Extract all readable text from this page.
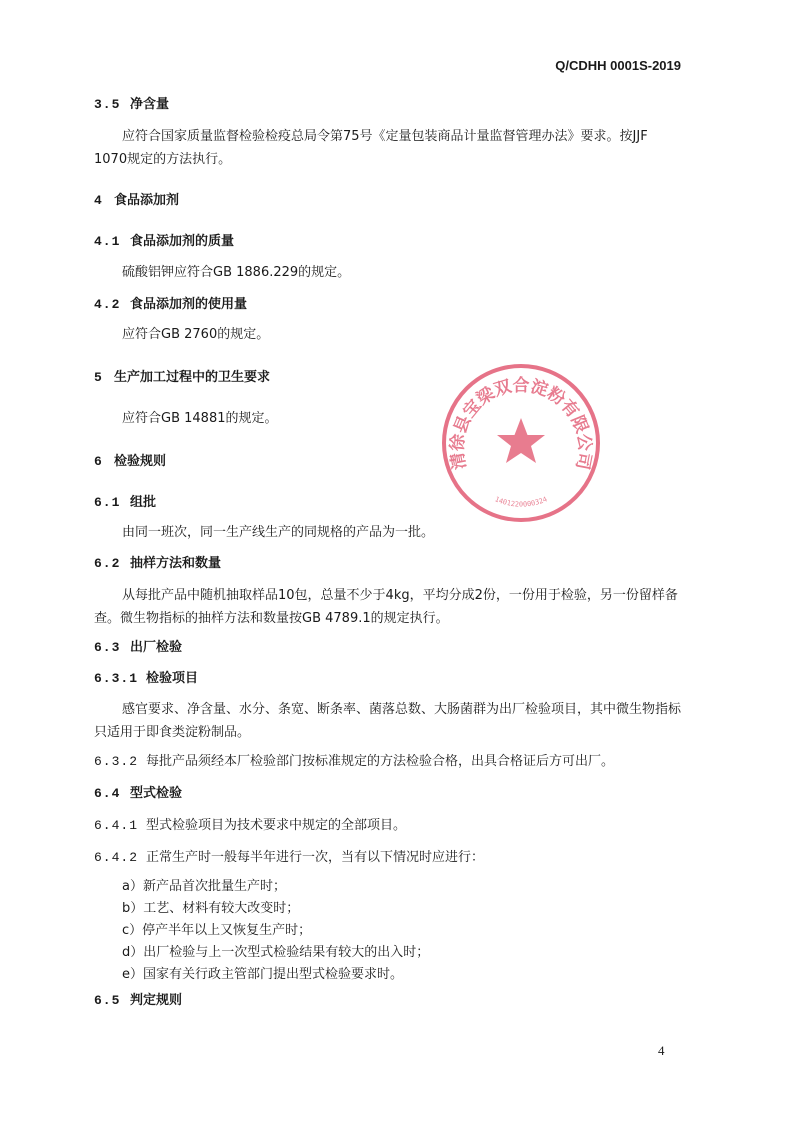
Q/CDHH 0001S-2019
3.5 净含量
应符合国家质量监督检验检疫总局令第75号《定量包装商品计量监督管理办法》要求。按JJF
1070规定的方法执行。
4 食品添加剂
4.1 食品添加剂的质量
硫酸铝钾应符合GB 1886.229的规定。
4.2 食品添加剂的使用量
应符合GB 2760的规定。
5 生产加工过程中的卫生要求
应符合GB 14881的规定。
6 检验规则
6.1 组批
由同一班次，同一生产线生产的同规格的产品为一批。
6.2 抽样方法和数量
从每批产品中随机抽取样品10包，总量不少于4kg，平均分成2份，一份用于检验，另一份留样备查。微生物指标的抽样方法和数量按GB 4789.1的规定执行。
6.3 出厂检验
6.3.1 检验项目
感官要求、净含量、水分、条宽、断条率、菌落总数、大肠菌群为出厂检验项目，其中微生物指标只适用于即食类淀粉制品。
6.3.2 每批产品须经本厂检验部门按标准规定的方法检验合格，出具合格证后方可出厂。
6.4 型式检验
6.4.1 型式检验项目为技术要求中规定的全部项目。
6.4.2 正常生产时一般每半年进行一次，当有以下情况时应进行：
a）新产品首次批量生产时；
b）工艺、材料有较大改变时；
c）停产半年以上又恢复生产时；
d）出厂检验与上一次型式检验结果有较大的出入时；
e）国家有关行政主管部门提出型式检验要求时。
6.5 判定规则
4
清徐县宝梁双合淀粉有限公司
1401220000324
